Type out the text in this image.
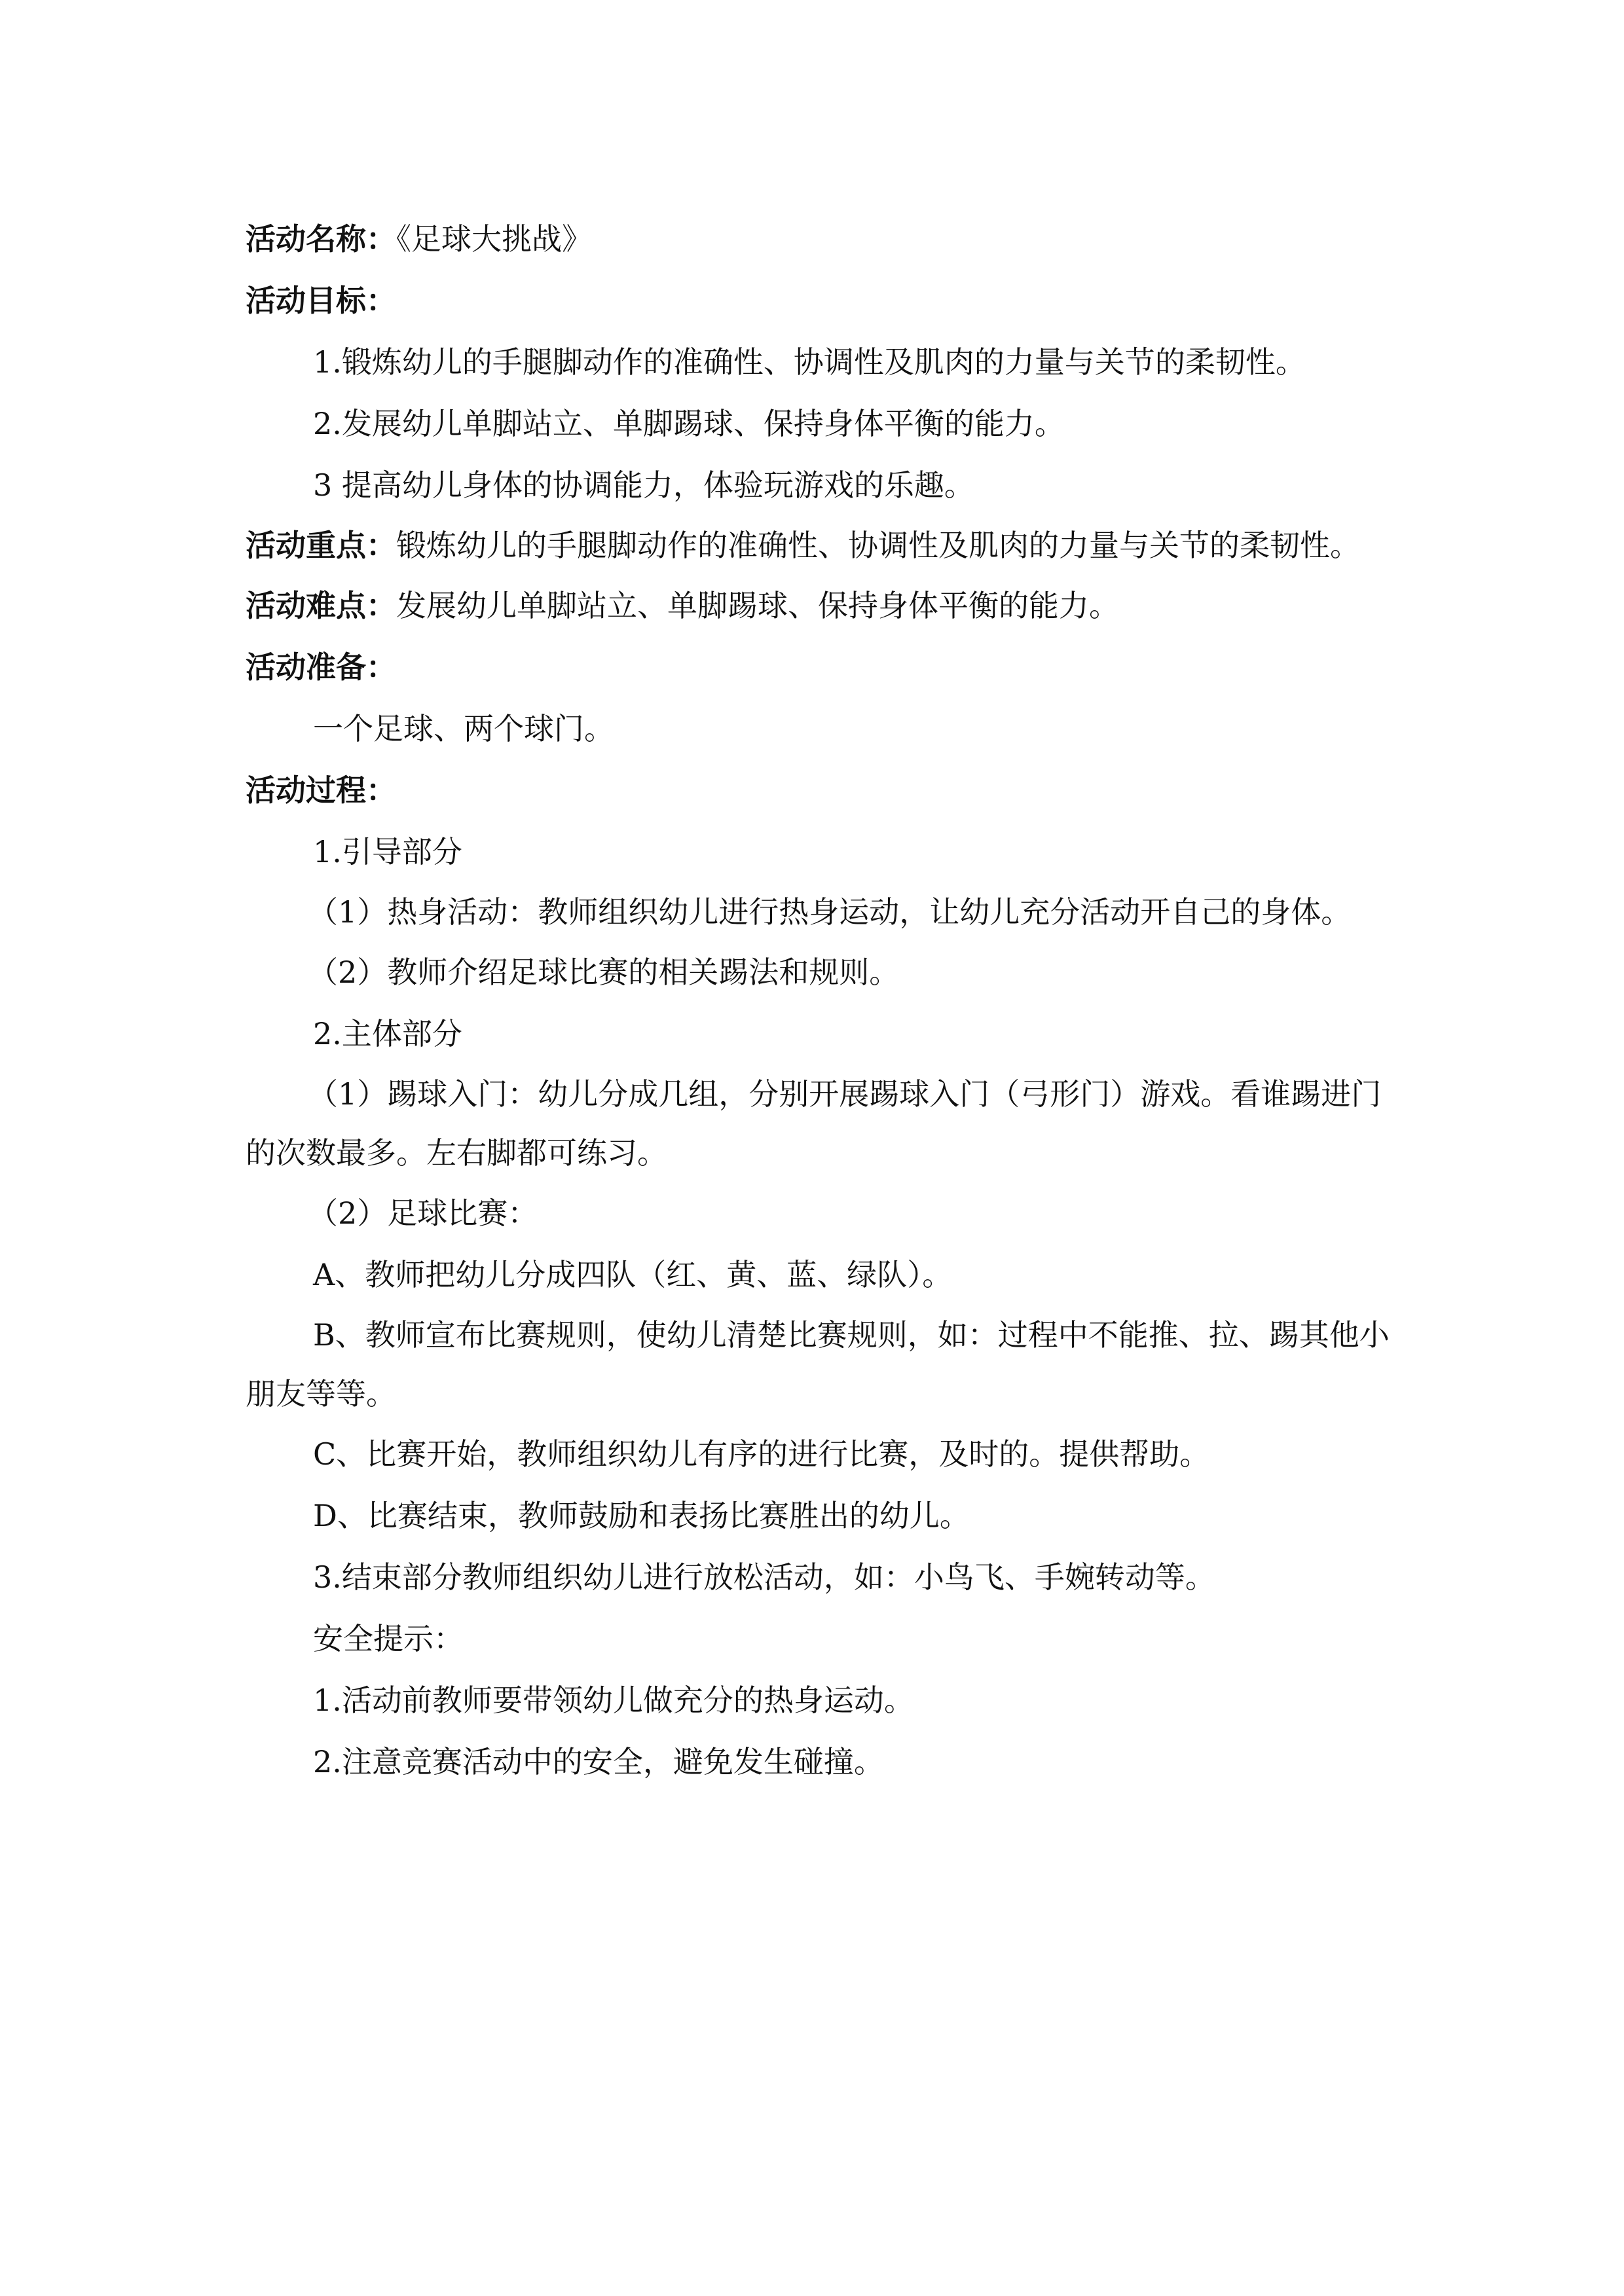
活动名称：《足球大挑战》

活动目标：

1.锻炼幼儿的手腿脚动作的准确性、协调性及肌肉的力量与关节的柔韧性。

2.发展幼儿单脚站立、单脚踢球、保持身体平衡的能力。

3 提高幼儿身体的协调能力，体验玩游戏的乐趣。

活动重点：锻炼幼儿的手腿脚动作的准确性、协调性及肌肉的力量与关节的柔韧性。

活动难点：发展幼儿单脚站立、单脚踢球、保持身体平衡的能力。

活动准备：

一个足球、两个球门。

活动过程：

1.引导部分

（1）热身活动：教师组织幼儿进行热身运动，让幼儿充分活动开自己的身体。

（2）教师介绍足球比赛的相关踢法和规则。

2.主体部分

（1）踢球入门：幼儿分成几组，分别开展踢球入门（弓形门）游戏。看谁踢进门的次数最多。左右脚都可练习。

（2）足球比赛：

A、教师把幼儿分成四队（红、黄、蓝、绿队）。

B、教师宣布比赛规则，使幼儿清楚比赛规则，如：过程中不能推、拉、踢其他小朋友等等。

C、比赛开始，教师组织幼儿有序的进行比赛，及时的。提供帮助。

D、比赛结束，教师鼓励和表扬比赛胜出的幼儿。

3.结束部分教师组织幼儿进行放松活动，如：小鸟飞、手婉转动等。

安全提示：

1.活动前教师要带领幼儿做充分的热身运动。

2.注意竞赛活动中的安全，避免发生碰撞。
